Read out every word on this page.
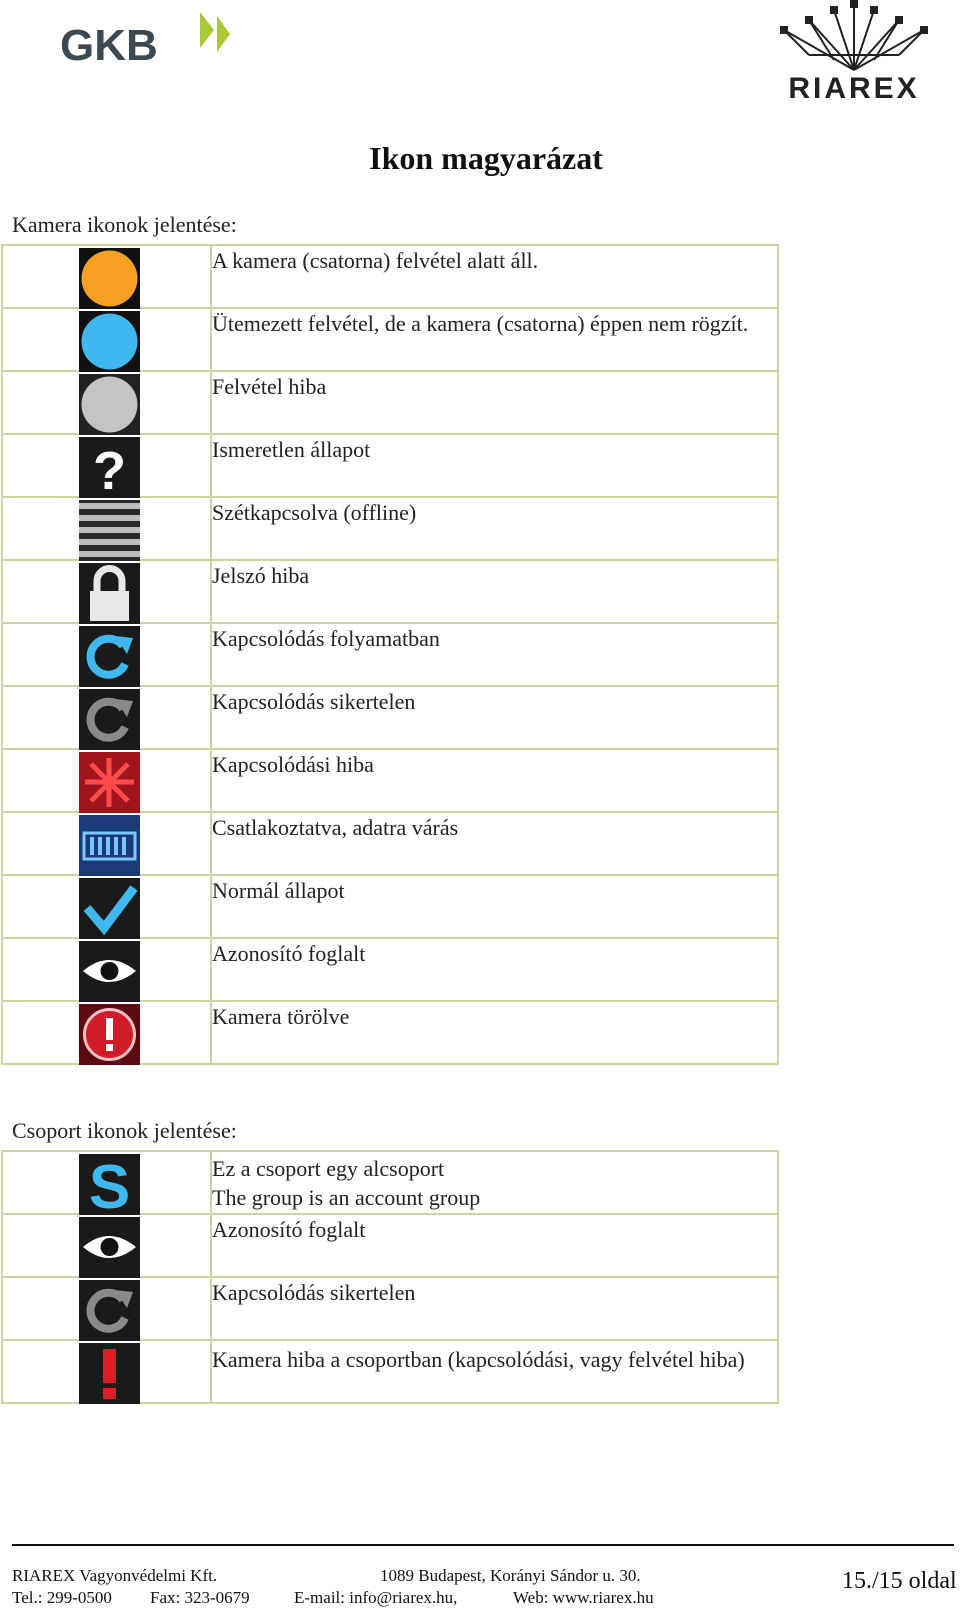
GKB
RIAREX
Ikon magyarázat
Kamera ikonok jelentése:
	A kamera (csatorna) felvétel alatt áll.

	Ütemezett felvétel, de a kamera (csatorna) éppen nem rögzít.

	Felvétel hiba

?	Ismeretlen állapot

	Szétkapcsolva (offline)

	Jelszó hiba

	Kapcsolódás folyamatban

	Kapcsolódás sikertelen

	Kapcsolódási hiba

	Csatlakoztatva, adatra várás

	Normál állapot

	Azonosító foglalt

	Kamera törölve
Csoport ikonok jelentése:
S	Ez a csoport egy alcsoport
The group is an account group

	Azonosító foglalt

	Kapcsolódás sikertelen

	Kamera hiba a csoportban (kapcsolódási, vagy felvétel hiba)
RIAREX Vagyonvédelmi Kft.	1089 Budapest, Korányi Sándor u. 30.
Tel.: 299-0500 Fax: 323-0679	E-mail: info@riarex.hu,	Web: www.riarex.hu
15./15 oldal
